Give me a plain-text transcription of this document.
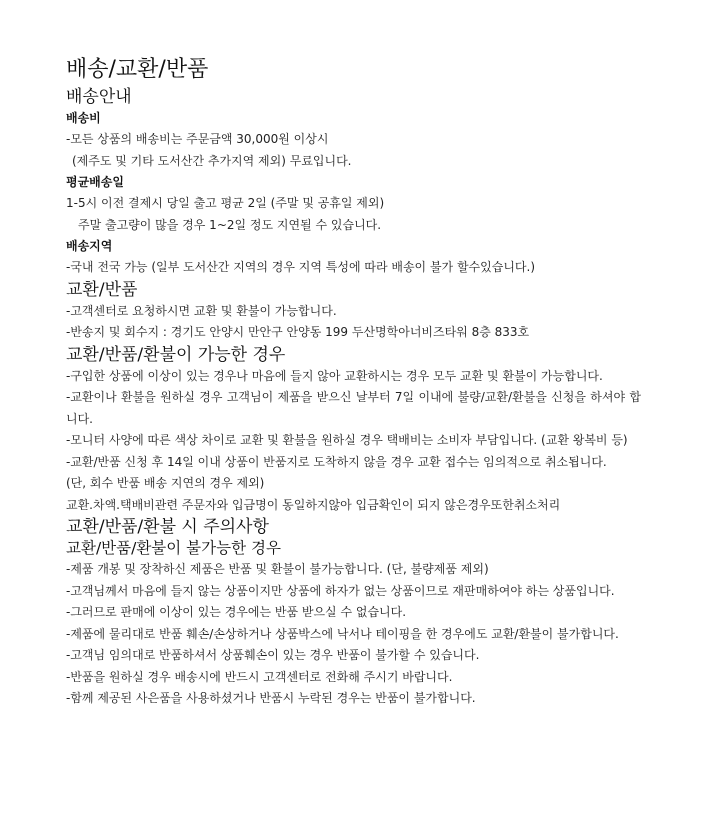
배송/교환/반품
배송안내
배송비

-모든 상품의 배송비는 주문금액 30,000원 이상시

(제주도 및 기타 도서산간 추가지역 제외) 무료입니다.

평균배송일

1-5시 이전 결제시 당일 출고 평균 2일 (주말 및 공휴일 제외)

주말 출고량이 많을 경우 1~2일 정도 지연될 수 있습니다.

배송지역

-국내 전국 가능 (일부 도서산간 지역의 경우 지역 특성에 따라 배송이 불가 할수있습니다.)

교환/반품

-고객센터로 요청하시면 교환 및 환불이 가능합니다.

-반송지 및 회수지 : 경기도 안양시 만안구 안양동 199 두산명학아너비즈타워 8층 833호

교환/반품/환불이 가능한 경우

-구입한 상품에 이상이 있는 경우나 마음에 들지 않아 교환하시는 경우 모두 교환 및 환불이 가능합니다.

-교환이나 환불을 원하실 경우 고객님이 제품을 받으신 날부터 7일 이내에 불량/교환/환불을 신청을 하셔야 합니다.

-모니터 사양에 따른 색상 차이로 교환 및 환불을 원하실 경우 택배비는 소비자 부담입니다. (교환 왕복비 등)

-교환/반품 신청 후 14일 이내 상품이 반품지로 도착하지 않을 경우 교환 접수는 임의적으로 취소됩니다.

(단, 회수 반품 배송 지연의 경우 제외)

교환.차액.택배비관련 주문자와 입금명이 동일하지않아 입금확인이 되지 않은경우또한취소처리

교환/반품/환불 시 주의사항
교환/반품/환불이 불가능한 경우

-제품 개봉 및 장착하신 제품은 반품 및 환불이 불가능합니다. (단, 불량제품 제외)

-고객님께서 마음에 들지 않는 상품이지만 상품에 하자가 없는 상품이므로 재판매하여야 하는 상품입니다.

-그러므로 판매에 이상이 있는 경우에는 반품 받으실 수 없습니다.

-제품에 물리대로 반품 훼손/손상하거나 상품박스에 낙서나 테이핑을 한 경우에도 교환/환불이 불가합니다.

-고객님 임의대로 반품하셔서 상품훼손이 있는 경우 반품이 불가할 수 있습니다.

-반품을 원하실 경우 배송시에 반드시 고객센터로 전화해 주시기 바랍니다.

-함께 제공된 사은품을 사용하셨거나 반품시 누락된 경우는 반품이 불가합니다.
